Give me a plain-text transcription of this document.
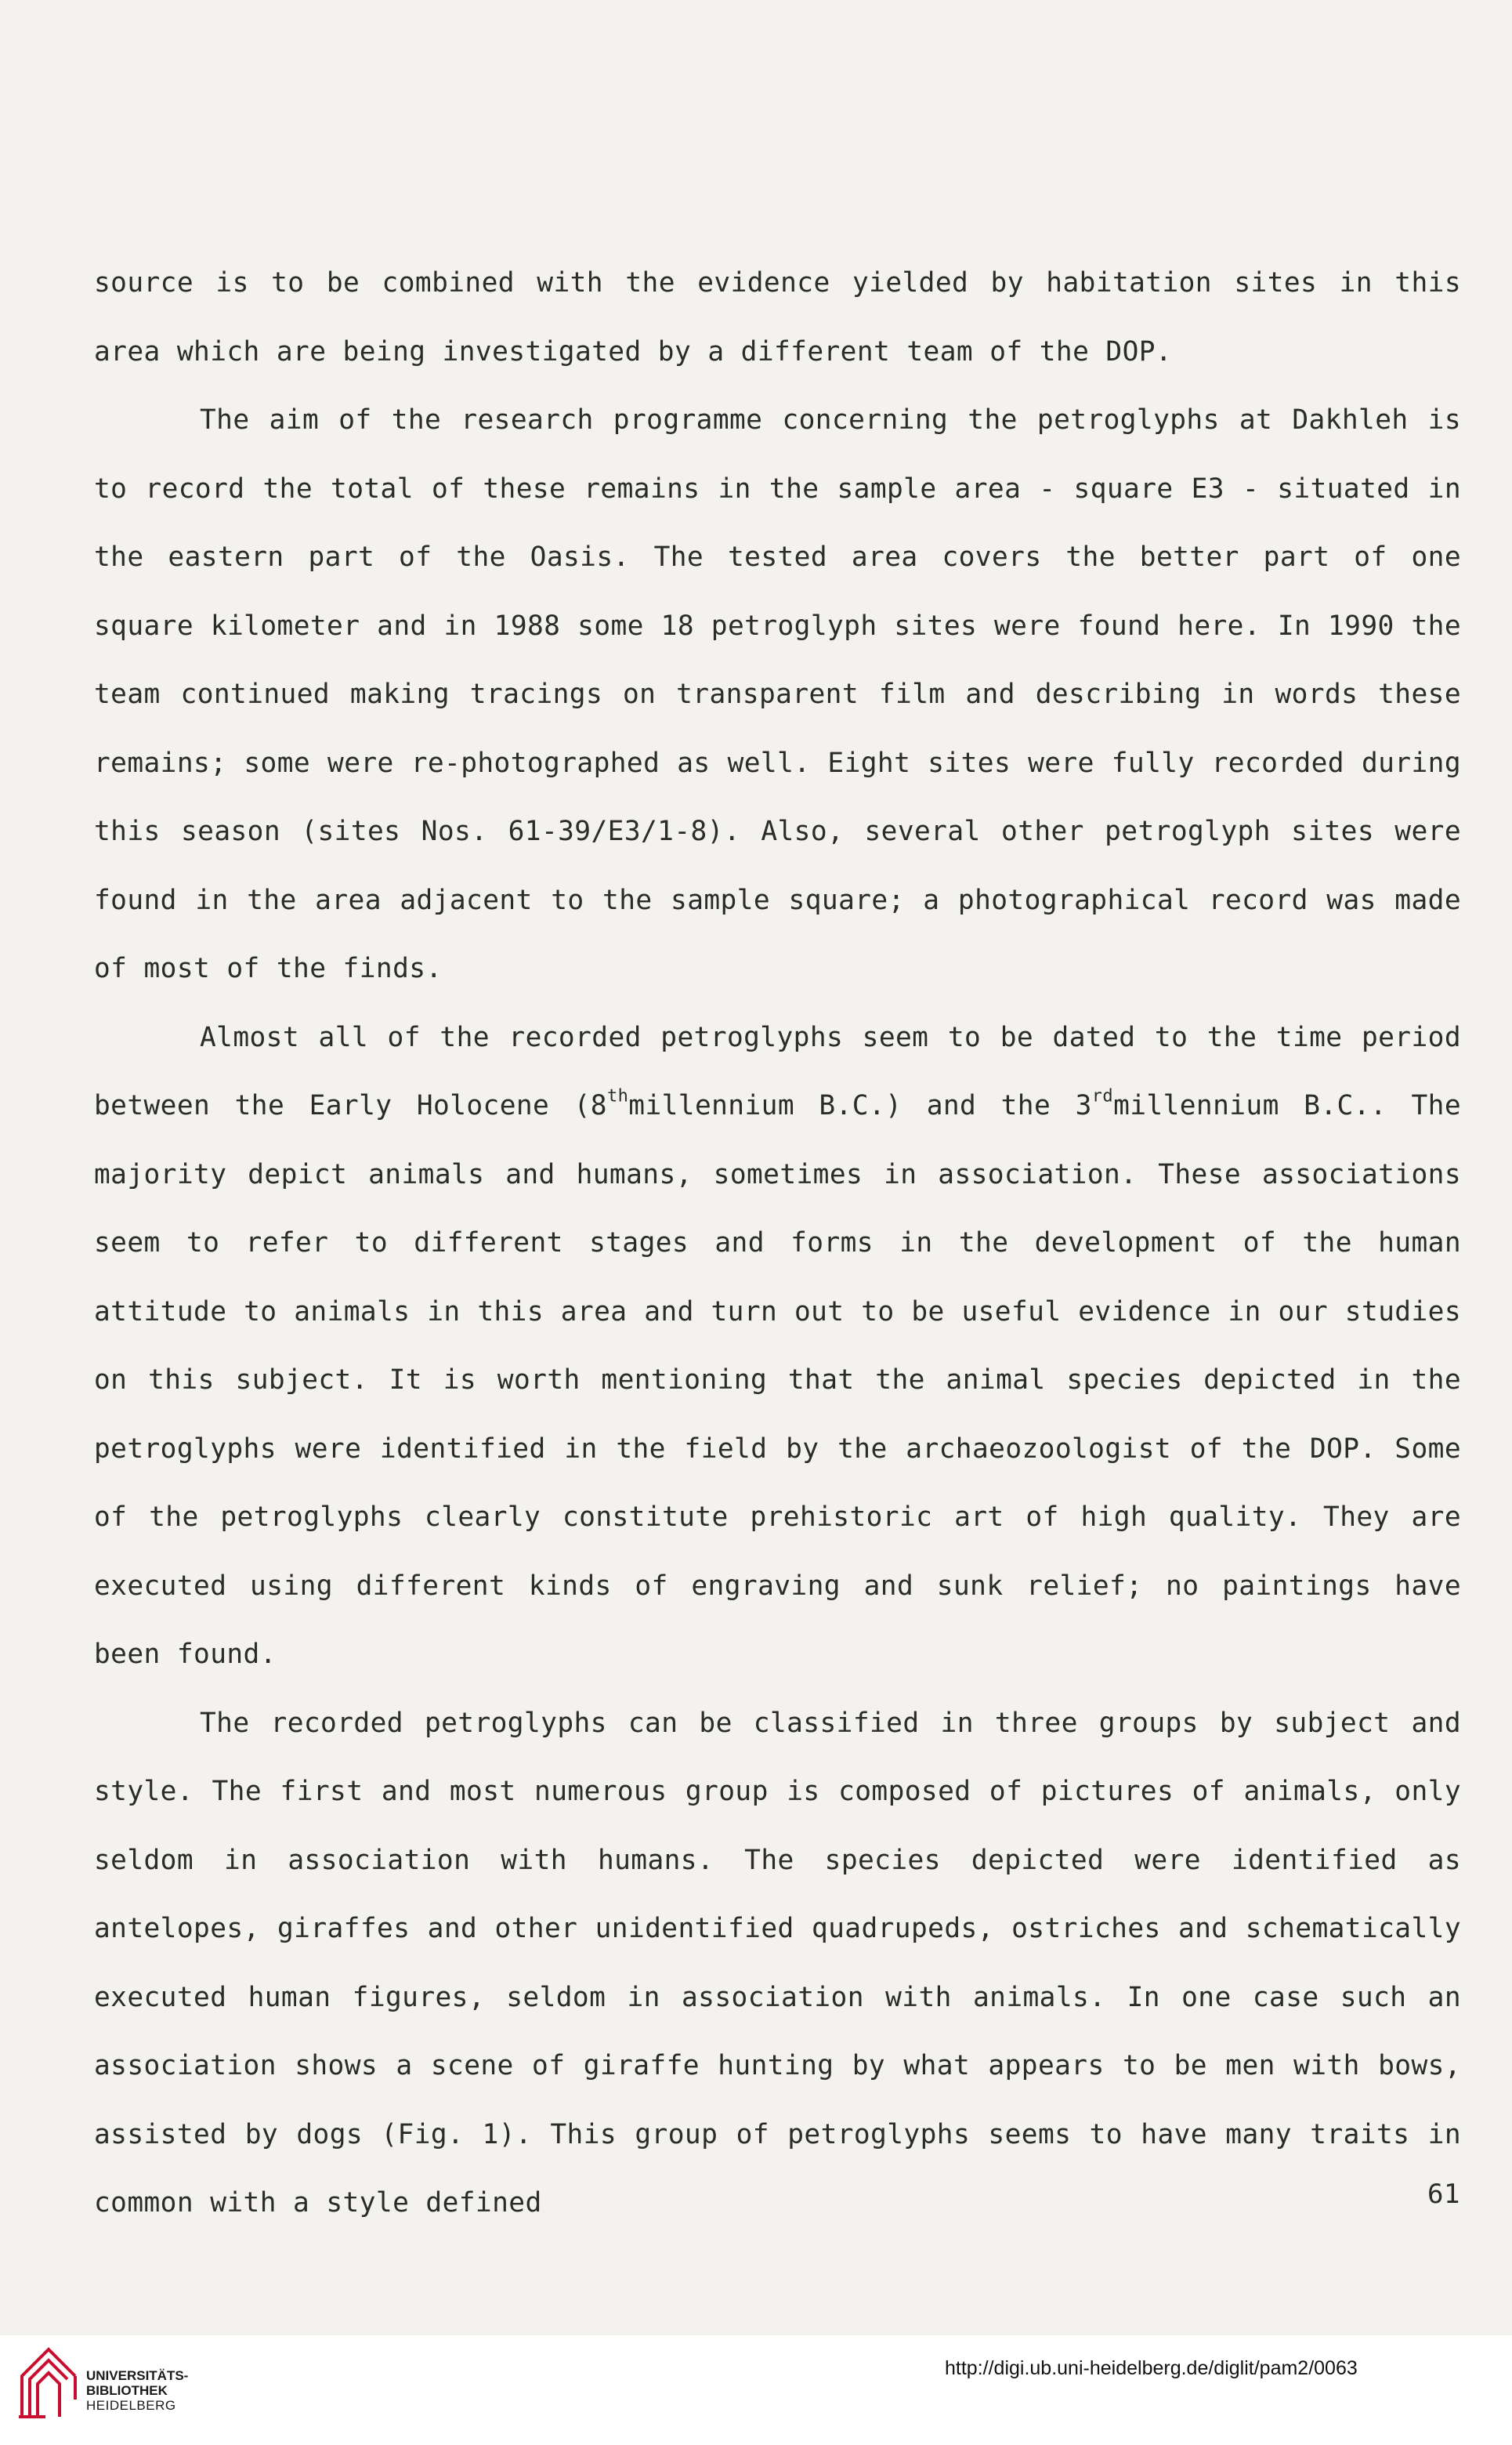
source is to be combined with the evidence yielded by habitation sites in this area which are being investigated by a different team of the DOP.

The aim of the research programme concerning the petroglyphs at Dakhleh is to record the total of these remains in the sample area - square E3 - situated in the eastern part of the Oasis. The tested area covers the better part of one square kilometer and in 1988 some 18 petroglyph sites were found here. In 1990 the team continued making tracings on transparent film and describing in words these remains; some were re-photographed as well. Eight sites were fully recorded during this season (sites Nos. 61-39/E3/1-8). Also, several other petroglyph sites were found in the area adjacent to the sample square; a photographical record was made of most of the finds.

Almost all of the recorded petroglyphs seem to be dated to the time period between the Early Holocene (8thmillennium B.C.) and the 3rdmillennium B.C.. The majority depict animals and humans, sometimes in association. These associations seem to refer to different stages and forms in the development of the human attitude to animals in this area and turn out to be useful evidence in our studies on this subject. It is worth mentioning that the animal species depicted in the petroglyphs were identified in the field by the archaeozoologist of the DOP. Some of the petroglyphs clearly constitute prehistoric art of high quality. They are executed using different kinds of engraving and sunk relief; no paintings have been found.

The recorded petroglyphs can be classified in three groups by subject and style. The first and most numerous group is composed of pictures of animals, only seldom in association with humans. The species depicted were identified as antelopes, giraffes and other unidentified quadrupeds, ostriches and schematically executed human figures, seldom in association with animals. In one case such an association shows a scene of giraffe hunting by what appears to be men with bows, assisted by dogs (Fig. 1). This group of petroglyphs seems to have many traits in common with a style defined	61
UNIVERSITÄTS-
BIBLIOTHEK
HEIDELBERG
http://digi.ub.uni-heidelberg.de/diglit/pam2/0063
